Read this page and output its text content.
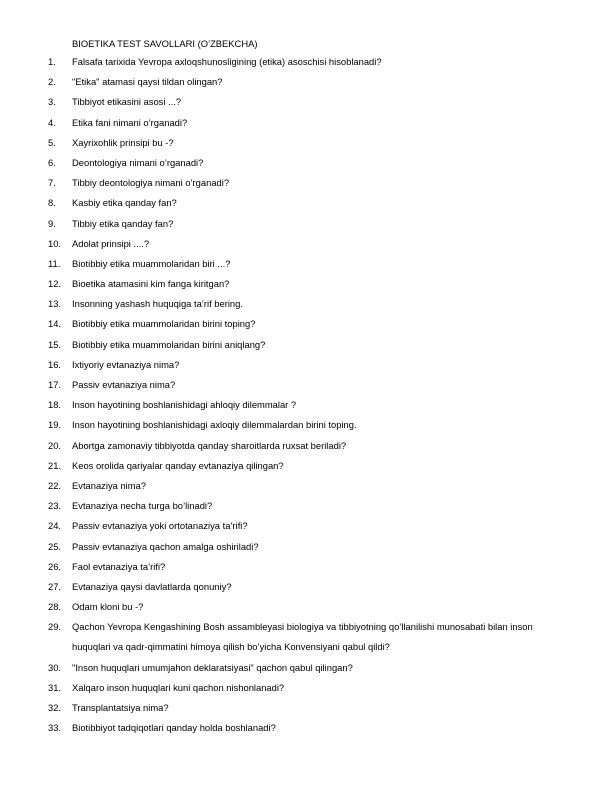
BIOETIKA TEST SAVOLLARI (O’ZBEKCHA)
1.	Falsafa tarixida Yevropa axloqshunosligining (etika) asoschisi hisoblanadi?
2.	"Etika" atamasi qaysi tildan olingan?
3.	Tibbiyot etikasini asosi ...?
4.	Etika fani nimani o’rganadi?
5.	Xayrixohlik prinsipi bu -?
6.	Deontologiya nimani o’rganadi?
7.	Tibbiy deontologiya nimani o’rganadi?
8.	Kasbiy etika qanday fan?
9.	Tibbiy etika qanday fan?
10.	Adolat prinsipi ....?
11.	Biotibbiy etika muammolaridan biri ...?
12.	Bioetika atamasini kim fanga kiritgan?
13.	Insonning yashash huquqiga ta’rif bering.
14.	Biotibbiy etika muammolaridan birini toping?
15.	Biotibbiy etika muammolaridan birini aniqlang?
16.	Ixtiyoriy evtanaziya nima?
17.	Passiv evtanaziya nima?
18.	Inson hayotining boshlanishidagi ahloqiy dilemmalar ?
19.	Inson hayotining boshlanishidagi axloqiy dilemmalardan birini toping.
20.	Abortga zamonaviy tibbiyotda qanday sharoitlarda ruxsat beriladi?
21.	Keos orolida qariyalar qanday evtanaziya qilingan?
22.	Evtanaziya nima?
23.	Evtanaziya necha turga bo’linadi?
24.	Passiv evtanaziya yoki ortotanaziya ta’rifi?
25.	Passiv evtanaziya qachon amalga oshiriladi?
26.	Faol evtanaziya ta’rifi?
27.	Evtanaziya qaysi davlatlarda qonuniy?
28.	Odam kloni bu -?
29.	Qachon Yevropa Kengashining Bosh assambleyasi biologiya va tibbiyotning qo’llanilishi munosabati bilan inson huquqlari va qadr-qimmatini himoya qilish bo’yicha Konvensiyani qabul qildi?
30.	"Inson huquqlari umumjahon deklaratsiyasi" qachon qabul qilingan?
31.	Xalqaro inson huquqlari kuni qachon nishonlanadi?
32.	Transplantatsiya nima?
33.	Biotibbiyot tadqiqotlari qanday holda boshlanadi?
